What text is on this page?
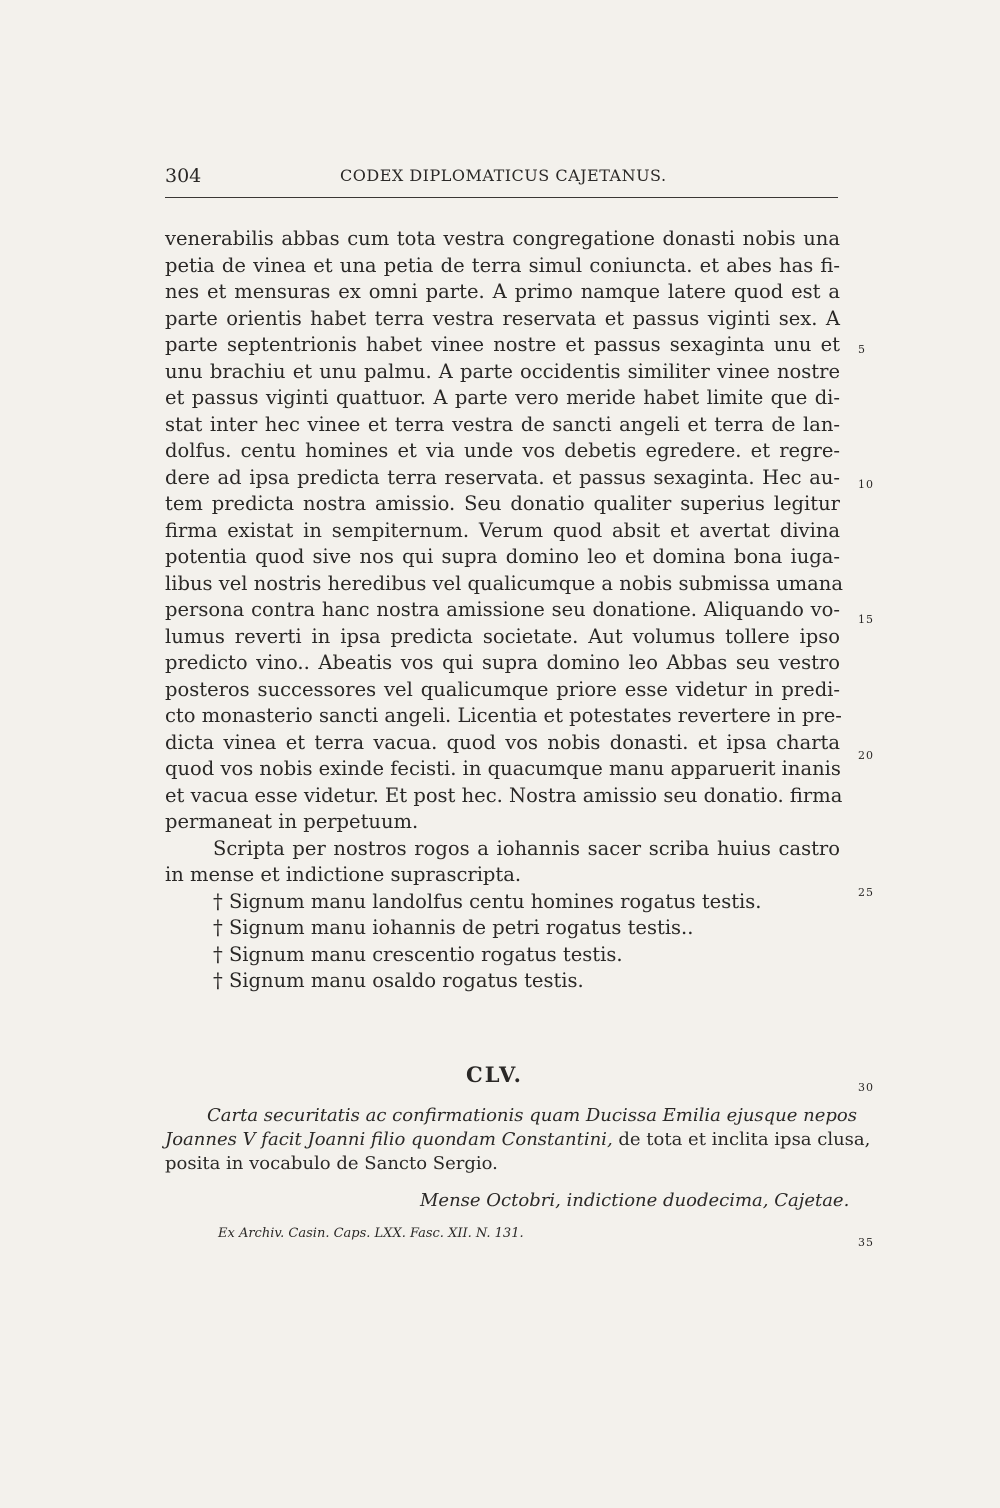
304	CODEX DIPLOMATICUS CAJETANUS.
venerabilis abbas cum tota vestra congregatione donasti nobis una
petia de vinea et una petia de terra simul coniuncta. et abes has fi-
nes et mensuras ex omni parte. A primo namque latere quod est a
parte orientis habet terra vestra reservata et passus viginti sex. A
parte septentrionis habet vinee nostre et passus sexaginta unu et
unu brachiu et unu palmu. A parte occidentis similiter vinee nostre
et passus viginti quattuor. A parte vero meride habet limite que di-
stat inter hec vinee et terra vestra de sancti angeli et terra de lan-
dolfus. centu homines et via unde vos debetis egredere. et regre-
dere ad ipsa predicta terra reservata. et passus sexaginta. Hec au-
tem predicta nostra amissio. Seu donatio qualiter superius legitur
firma existat in sempiternum. Verum quod absit et avertat divina
potentia quod sive nos qui supra domino leo et domina bona iuga-
libus vel nostris heredibus vel qualicumque a nobis submissa umana
persona contra hanc nostra amissione seu donatione. Aliquando vo-
lumus reverti in ipsa predicta societate. Aut volumus tollere ipso
predicto vino.. Abeatis vos qui supra domino leo Abbas seu vestro
posteros successores vel qualicumque priore esse videtur in predi-
cto monasterio sancti angeli. Licentia et potestates revertere in pre-
dicta vinea et terra vacua. quod vos nobis donasti. et ipsa charta
quod vos nobis exinde fecisti. in quacumque manu apparuerit inanis
et vacua esse videtur. Et post hec. Nostra amissio seu donatio. firma
permaneat in perpetuum.
Scripta per nostros rogos a iohannis sacer scriba huius castro
in mense et indictione suprascripta.
† Signum manu landolfus centu homines rogatus testis.
† Signum manu iohannis de petri rogatus testis..
† Signum manu crescentio rogatus testis.
† Signum manu osaldo rogatus testis.
5
10
15
20
25
30
35
CLV.
Carta securitatis ac confirmationis quam Ducissa Emilia ejusque nepos
Joannes V facit Joanni filio quondam Constantini, de tota et inclita ipsa clusa,
posita in vocabulo de Sancto Sergio.
Mense Octobri, indictione duodecima, Cajetae.
Ex Archiv. Casin. Caps. LXX. Fasc. XII. N. 131.
